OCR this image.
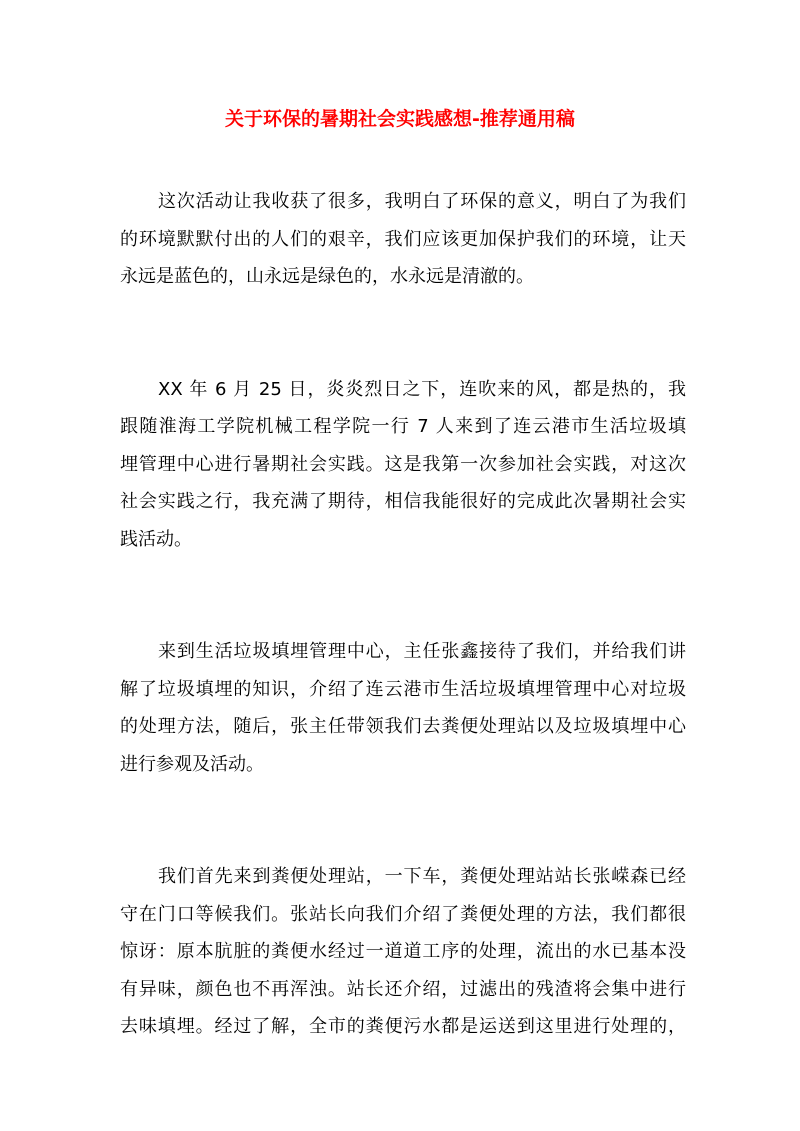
关于环保的暑期社会实践感想-推荐通用稿
这次活动让我收获了很多，我明白了环保的意义，明白了为我们
的环境默默付出的人们的艰辛，我们应该更加保护我们的环境，让天
永远是蓝色的，山永远是绿色的，水永远是清澈的。
XX 年 6 月 25 日，炎炎烈日之下，连吹来的风，都是热的，我
跟随淮海工学院机械工程学院一行 7 人来到了连云港市生活垃圾填
埋管理中心进行暑期社会实践。这是我第一次参加社会实践，对这次
社会实践之行，我充满了期待，相信我能很好的完成此次暑期社会实
践活动。
来到生活垃圾填埋管理中心，主任张鑫接待了我们，并给我们讲
解了垃圾填埋的知识，介绍了连云港市生活垃圾填埋管理中心对垃圾
的处理方法，随后，张主任带领我们去粪便处理站以及垃圾填埋中心
进行参观及活动。
我们首先来到粪便处理站，一下车，粪便处理站站长张嵘森已经
守在门口等候我们。张站长向我们介绍了粪便处理的方法，我们都很
惊讶：原本肮脏的粪便水经过一道道工序的处理，流出的水已基本没
有异味，颜色也不再浑浊。站长还介绍，过滤出的残渣将会集中进行
去味填埋。经过了解，全市的粪便污水都是运送到这里进行处理的，
